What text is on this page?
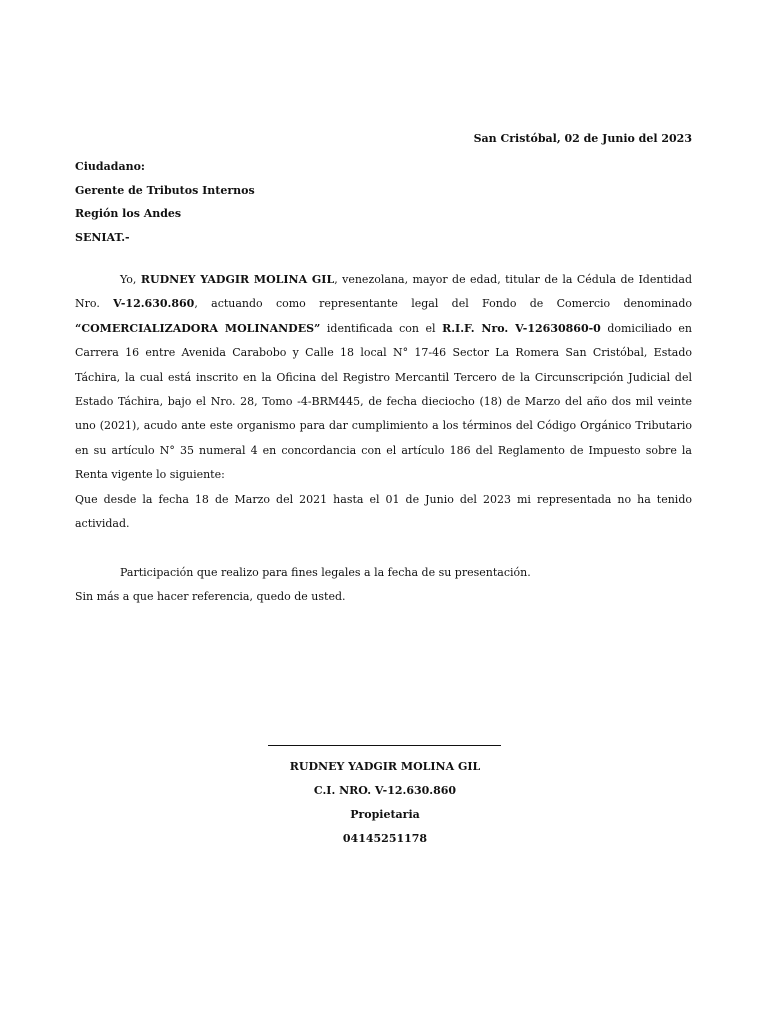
San Cristóbal, 02 de Junio del 2023
Ciudadano:
Gerente de Tributos Internos
Región los Andes
SENIAT.-

Yo, RUDNEY YADGIR MOLINA GIL, venezolana, mayor de edad, titular de la Cédula de Identidad Nro. V-12.630.860, actuando como representante legal del Fondo de Comercio denominado “COMERCIALIZADORA MOLINANDES” identificada con el R.I.F. Nro. V-12630860-0 domiciliado en Carrera 16 entre Avenida Carabobo y Calle 18 local N° 17-46 Sector La Romera San Cristóbal, Estado Táchira, la cual está inscrito en la Oficina del Registro Mercantil Tercero de la Circunscripción Judicial del Estado Táchira, bajo el Nro. 28, Tomo -4-BRM445, de fecha dieciocho (18) de Marzo del año dos mil veinte uno (2021), acudo ante este organismo para dar cumplimiento a los términos del Código Orgánico Tributario en su artículo N° 35 numeral 4 en concordancia con el artículo 186 del Reglamento de Impuesto sobre la Renta vigente lo siguiente:

Que desde la fecha 18 de Marzo del 2021 hasta el 01 de Junio del 2023 mi representada no ha tenido actividad.

Participación que realizo para fines legales a la fecha de su presentación.

Sin más a que hacer referencia, quedo de usted.

RUDNEY YADGIR MOLINA GIL
C.I. NRO. V-12.630.860
Propietaria
04145251178
